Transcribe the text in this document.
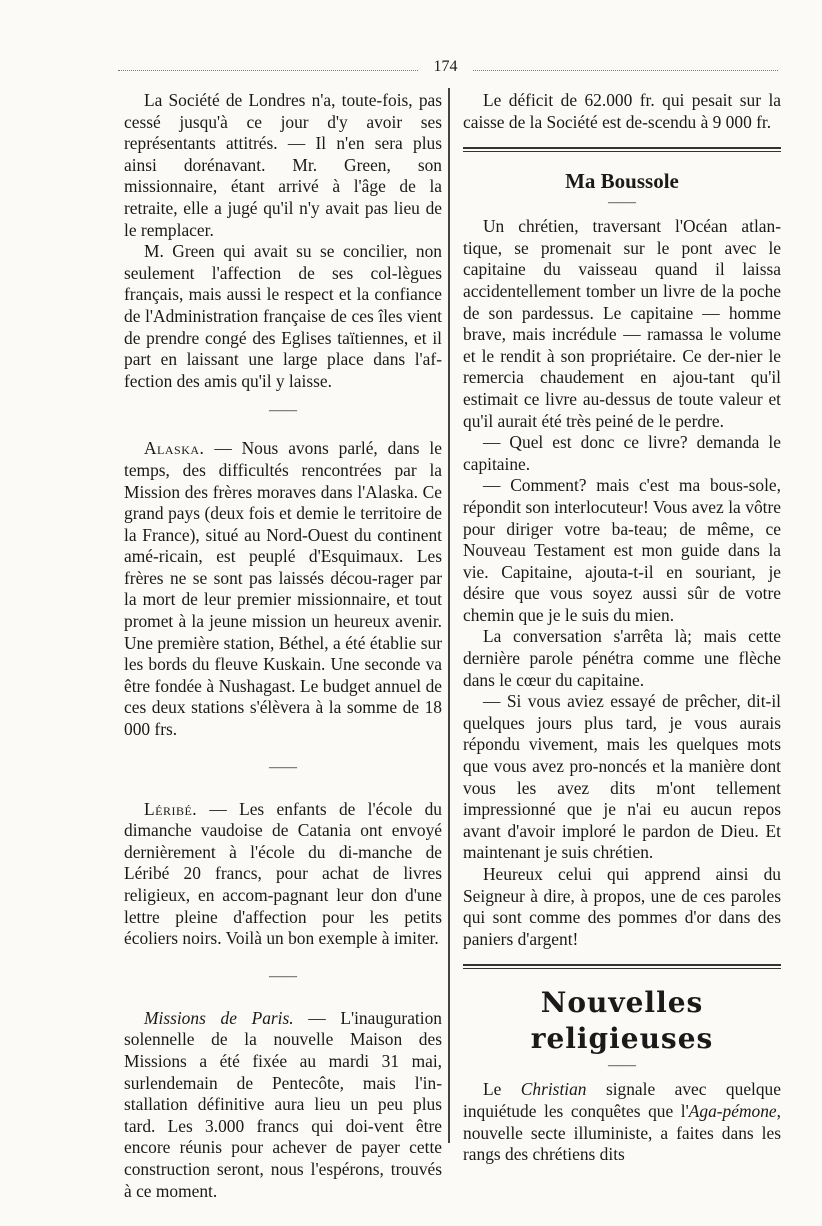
174

La Société de Londres n'a, toute-fois, pas cessé jusqu'à ce jour d'y avoir ses représentants attitrés. — Il n'en sera plus ainsi dorénavant. Mr. Green, son missionnaire, étant arrivé à l'âge de la retraite, elle a jugé qu'il n'y avait pas lieu de le remplacer.

M. Green qui avait su se concilier, non seulement l'affection de ses col-lègues français, mais aussi le respect et la confiance de l'Administration française de ces îles vient de prendre congé des Eglises taïtiennes, et il part en laissant une large place dans l'af-fection des amis qu'il y laisse.

——

Alaska. — Nous avons parlé, dans le temps, des difficultés rencontrées par la Mission des frères moraves dans l'Alaska. Ce grand pays (deux fois et demie le territoire de la France), situé au Nord-Ouest du continent amé-ricain, est peuplé d'Esquimaux. Les frères ne se sont pas laissés décou-rager par la mort de leur premier missionnaire, et tout promet à la jeune mission un heureux avenir. Une première station, Béthel, a été établie sur les bords du fleuve Kuskain. Une seconde va être fondée à Nushagast. Le budget annuel de ces deux stations s'élèvera à la somme de 18 000 frs.

——

Léribé. — Les enfants de l'école du dimanche vaudoise de Catania ont envoyé dernièrement à l'école du di-manche de Léribé 20 francs, pour achat de livres religieux, en accom-pagnant leur don d'une lettre pleine d'affection pour les petits écoliers noirs. Voilà un bon exemple à imiter.

——

Missions de Paris. — L'inauguration solennelle de la nouvelle Maison des Missions a été fixée au mardi 31 mai, surlendemain de Pentecôte, mais l'in-stallation définitive aura lieu un peu plus tard. Les 3.000 francs qui doi-vent être encore réunis pour achever de payer cette construction seront, nous l'espérons, trouvés à ce moment.

Le déficit de 62.000 fr. qui pesait sur la caisse de la Société est de-scendu à 9 000 fr.

Ma Boussole
——

Un chrétien, traversant l'Océan atlan-tique, se promenait sur le pont avec le capitaine du vaisseau quand il laissa accidentellement tomber un livre de la poche de son pardessus. Le capitaine — homme brave, mais incrédule — ramassa le volume et le rendit à son propriétaire. Ce der-nier le remercia chaudement en ajou-tant qu'il estimait ce livre au-dessus de toute valeur et qu'il aurait été très peiné de le perdre.

— Quel est donc ce livre? demanda le capitaine.

— Comment? mais c'est ma bous-sole, répondit son interlocuteur! Vous avez la vôtre pour diriger votre ba-teau; de même, ce Nouveau Testament est mon guide dans la vie. Capitaine, ajouta-t-il en souriant, je désire que vous soyez aussi sûr de votre chemin que je le suis du mien.

La conversation s'arrêta là; mais cette dernière parole pénétra comme une flèche dans le cœur du capitaine.

— Si vous aviez essayé de prêcher, dit-il quelques jours plus tard, je vous aurais répondu vivement, mais les quelques mots que vous avez pro-noncés et la manière dont vous les avez dits m'ont tellement impressionné que je n'ai eu aucun repos avant d'avoir imploré le pardon de Dieu. Et maintenant je suis chrétien.

Heureux celui qui apprend ainsi du Seigneur à dire, à propos, une de ces paroles qui sont comme des pommes d'or dans des paniers d'argent!

Nouvelles religieuses
——

Le Christian signale avec quelque inquiétude les conquêtes que l'Aga-pémone, nouvelle secte illuministe, a faites dans les rangs des chrétiens dits
